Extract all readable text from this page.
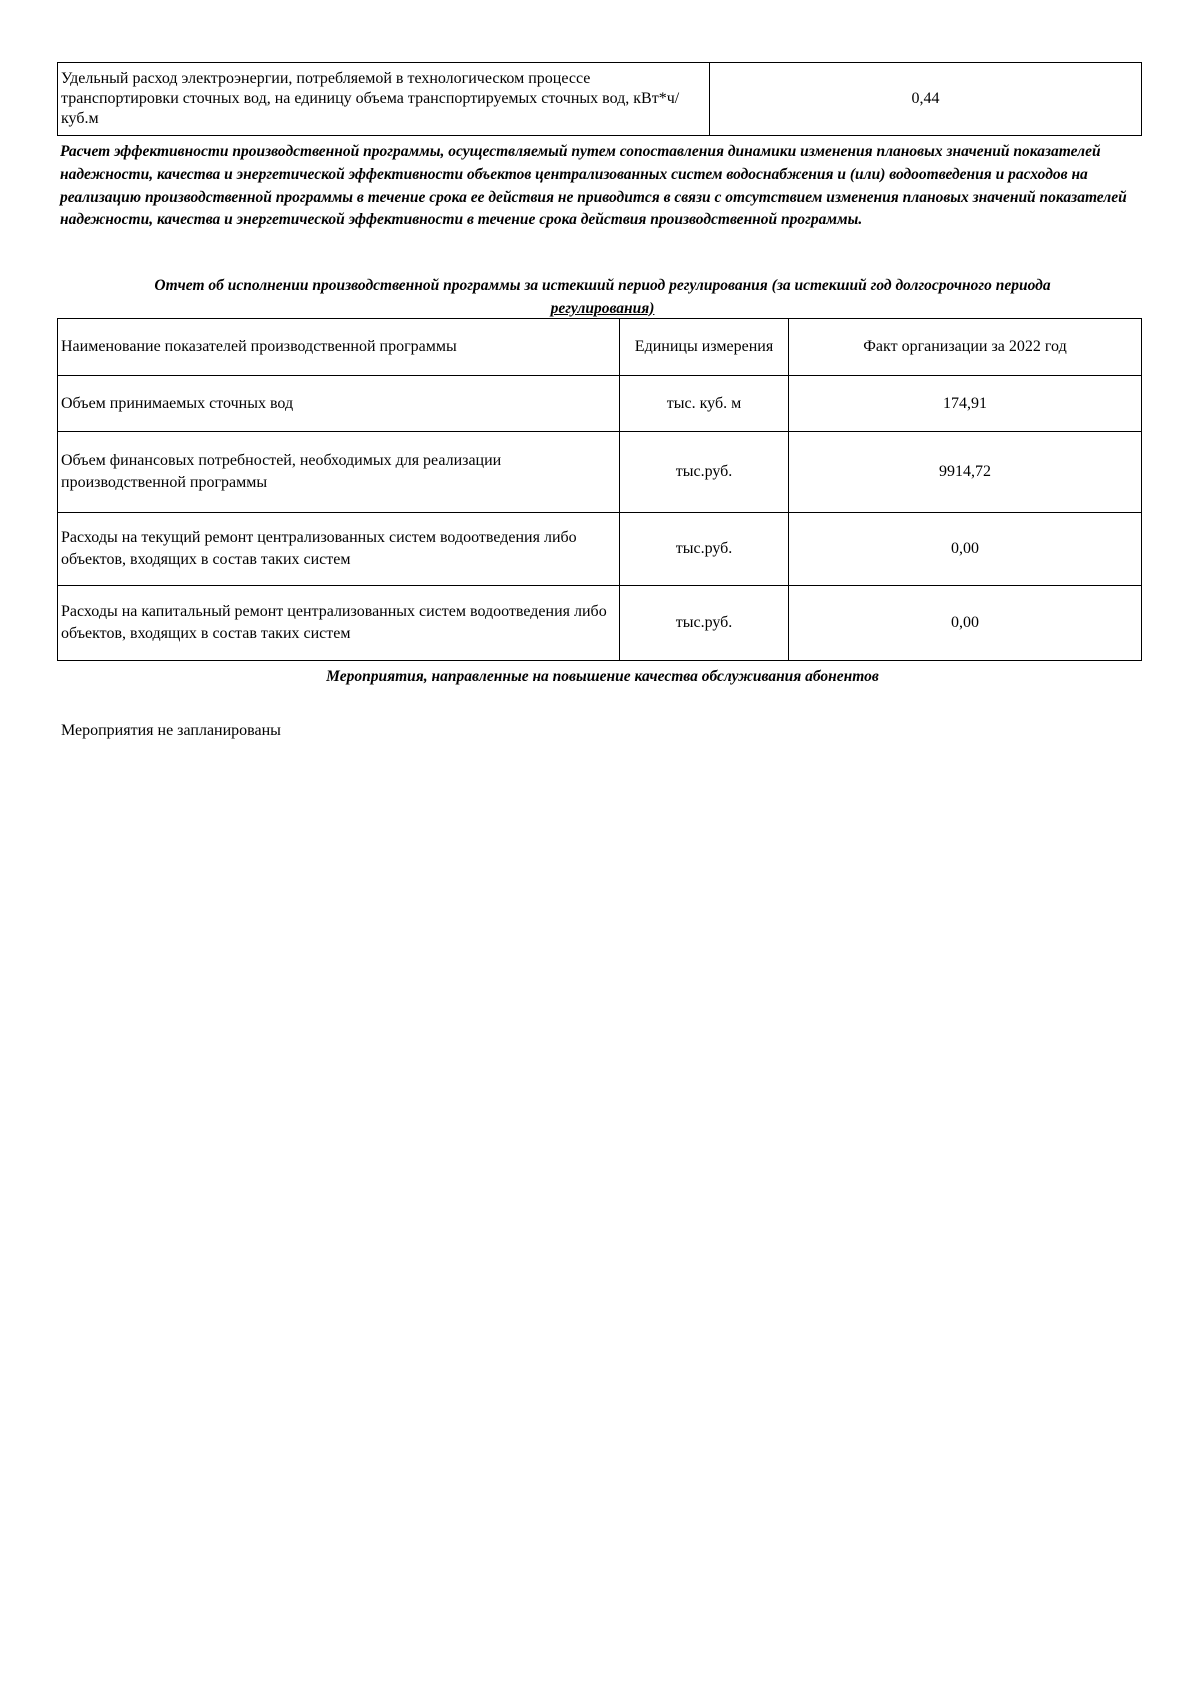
Удельный расход электроэнергии, потребляемой в технологическом процессе транспортировки сточных вод, на единицу объема транспортируемых сточных вод, кВт*ч/ куб.м	0,44
Расчет эффективности производственной программы, осуществляемый путем сопоставления динамики изменения плановых значений показателей надежности, качества и энергетической эффективности объектов централизованных систем водоснабжения и (или) водоотведения и расходов на реализацию производственной программы в течение срока ее действия не приводится в связи с отсутствием изменения плановых значений показателей надежности, качества и энергетической эффективности в течение срока действия производственной программы.
Отчет об исполнении производственной программы за истекший период регулирования (за истекший год долгосрочного периода
регулирования)
Наименование показателей производственной программы	Единицы измерения	Факт организации за 2022 год
Объем принимаемых сточных вод	тыс. куб. м	174,91
Объем финансовых потребностей, необходимых для реализации производственной программы	тыс.руб.	9914,72
Расходы на текущий ремонт централизованных систем водоотведения либо объектов, входящих в состав таких систем	тыс.руб.	0,00
Расходы на капитальный ремонт централизованных систем водоотведения либо объектов, входящих в состав таких систем	тыс.руб.	0,00
Мероприятия, направленные на повышение качества обслуживания абонентов
Мероприятия не запланированы
